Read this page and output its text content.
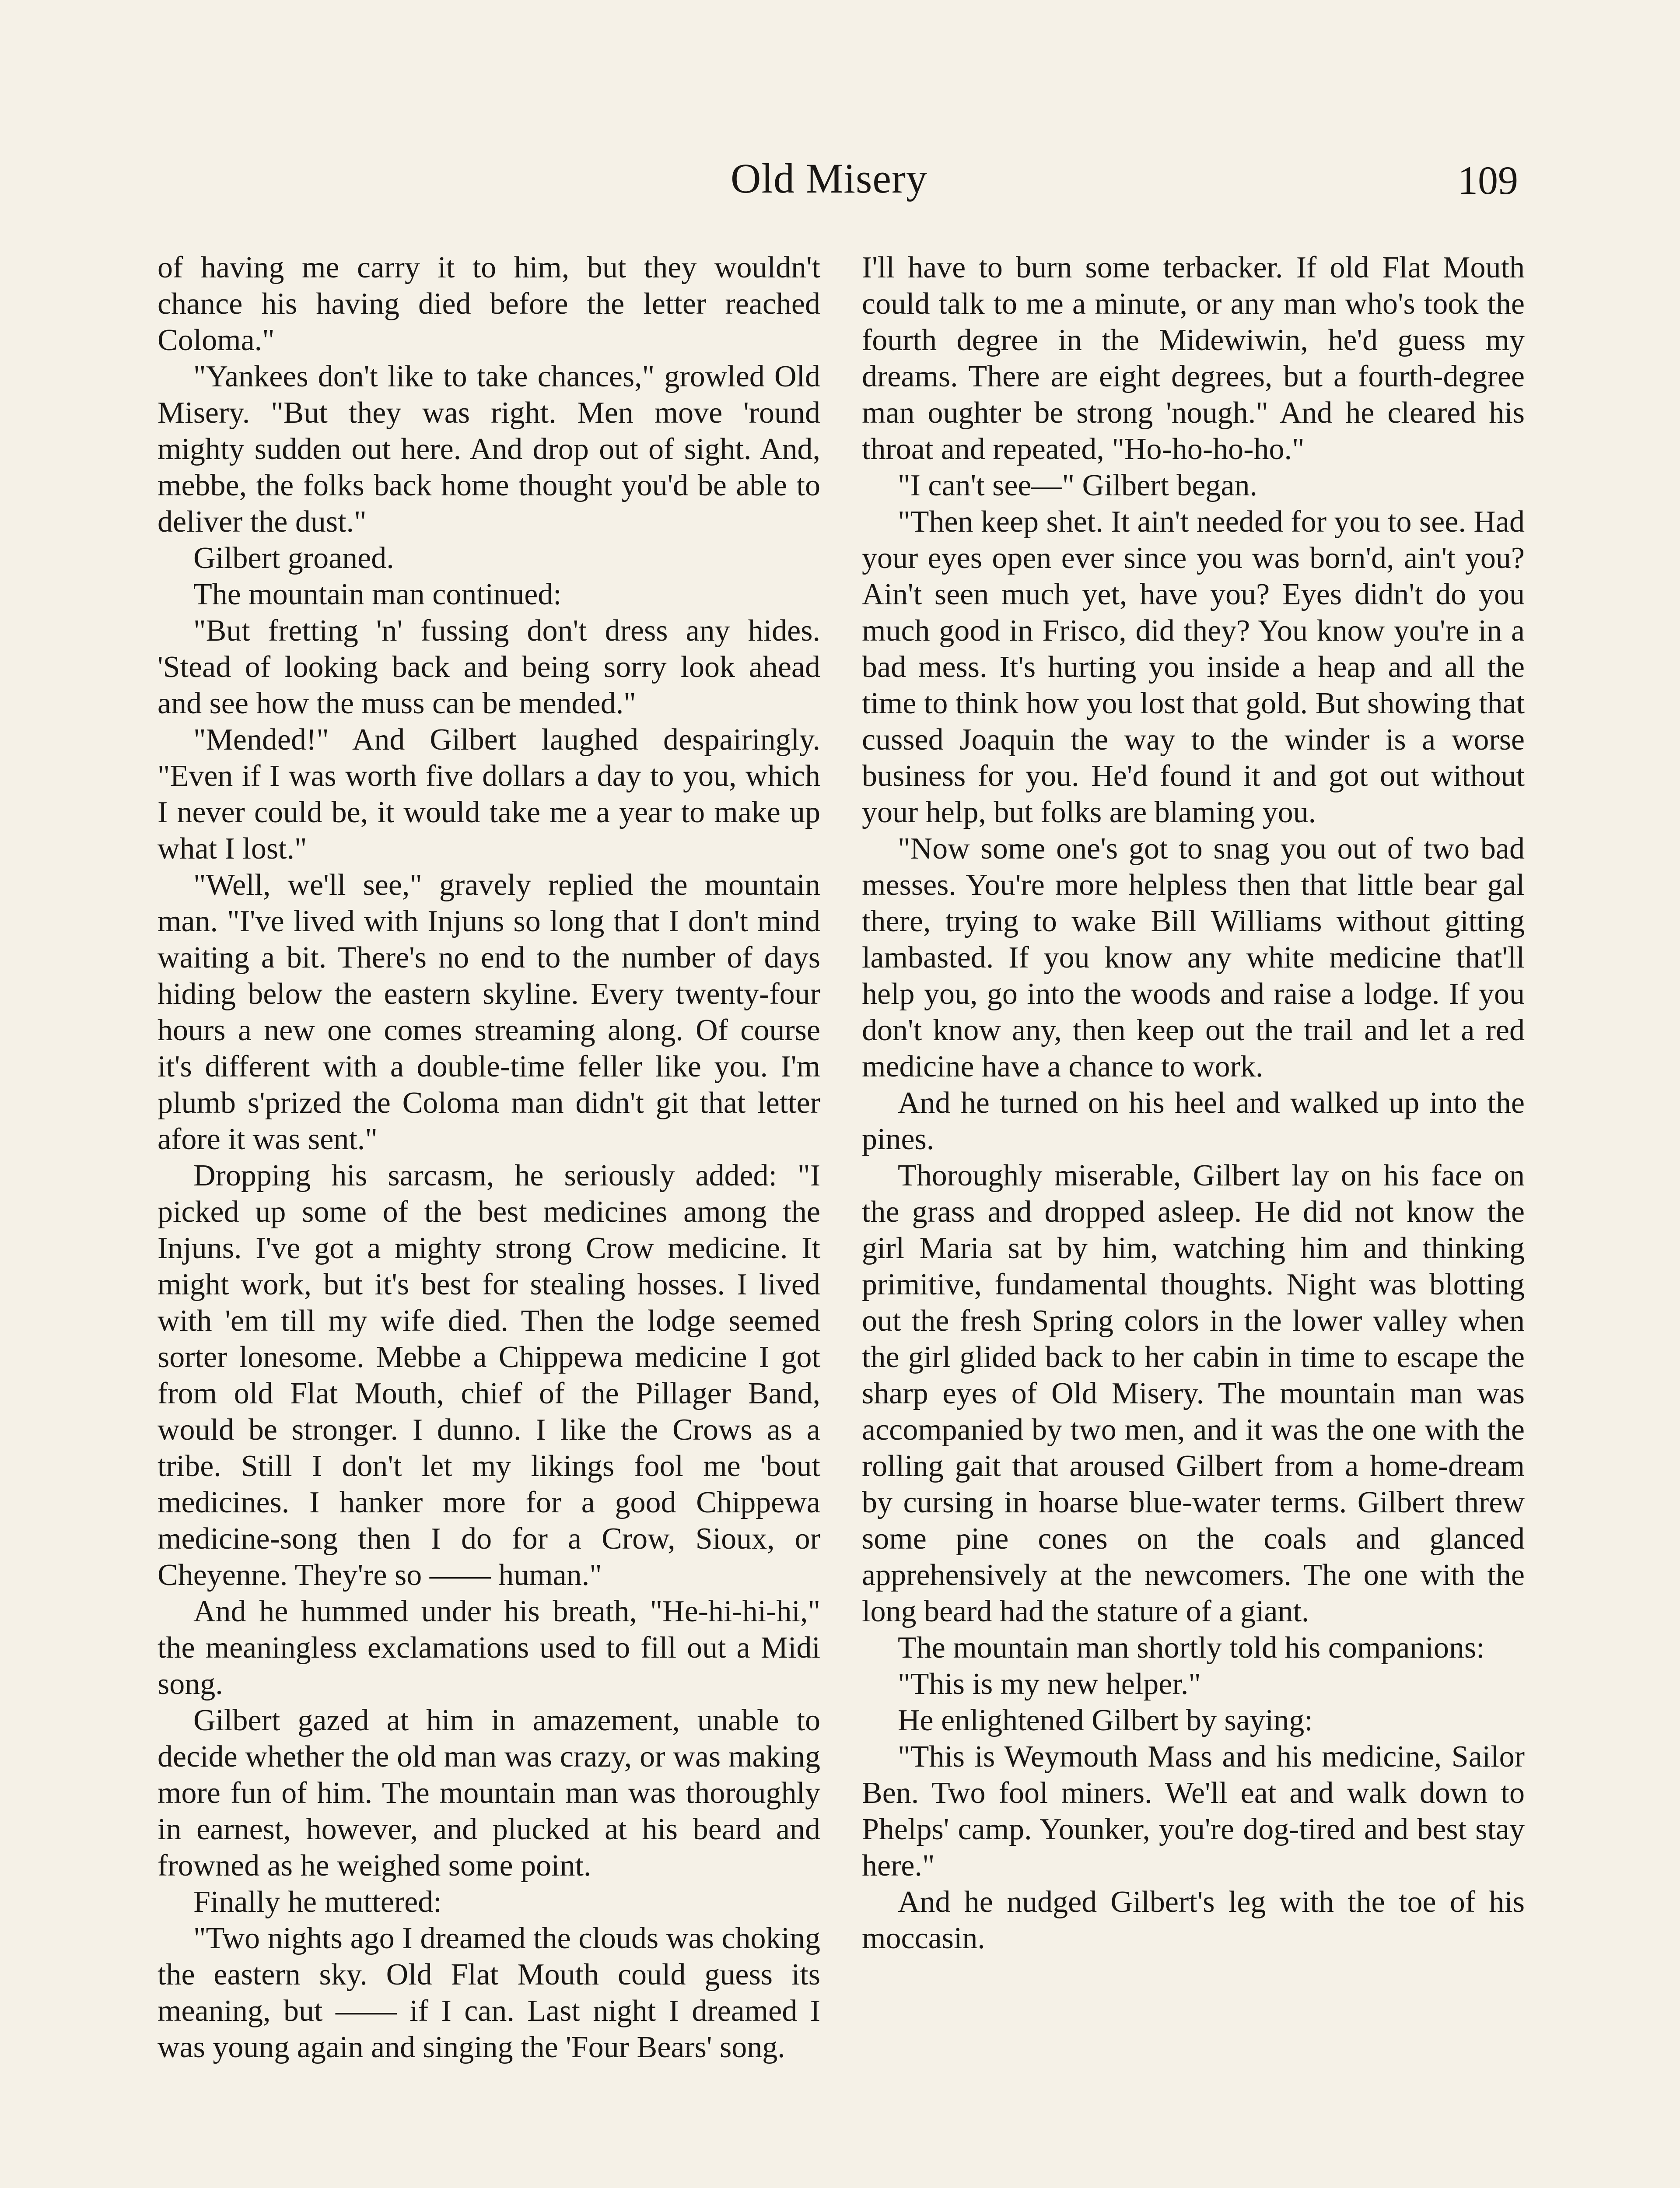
Old Misery	109

of having me carry it to him, but they wouldn't chance his having died before the letter reached Coloma."

"Yankees don't like to take chances," growled Old Misery. "But they was right. Men move 'round mighty sudden out here. And drop out of sight. And, mebbe, the folks back home thought you'd be able to deliver the dust."

Gilbert groaned.

The mountain man continued:

"But fretting 'n' fussing don't dress any hides. 'Stead of looking back and being sorry look ahead and see how the muss can be mended."

"Mended!" And Gilbert laughed despairingly. "Even if I was worth five dollars a day to you, which I never could be, it would take me a year to make up what I lost."

"Well, we'll see," gravely replied the mountain man. "I've lived with Injuns so long that I don't mind waiting a bit. There's no end to the number of days hiding below the eastern skyline. Every twenty-four hours a new one comes streaming along. Of course it's different with a double-time feller like you. I'm plumb s'prized the Coloma man didn't git that letter afore it was sent."

Dropping his sarcasm, he seriously added: "I picked up some of the best medicines among the Injuns. I've got a mighty strong Crow medicine. It might work, but it's best for stealing hosses. I lived with 'em till my wife died. Then the lodge seemed sorter lonesome. Mebbe a Chippewa medicine I got from old Flat Mouth, chief of the Pillager Band, would be stronger. I dunno. I like the Crows as a tribe. Still I don't let my likings fool me 'bout medicines. I hanker more for a good Chippewa medicine-song then I do for a Crow, Sioux, or Cheyenne. They're so —— human."

And he hummed under his breath, "He-hi-hi-hi," the meaningless exclamations used to fill out a Midi song.

Gilbert gazed at him in amazement, unable to decide whether the old man was crazy, or was making more fun of him. The mountain man was thoroughly in earnest, however, and plucked at his beard and frowned as he weighed some point.

Finally he muttered:

"Two nights ago I dreamed the clouds was choking the eastern sky. Old Flat Mouth could guess its meaning, but —— if I can. Last night I dreamed I was young again and singing the 'Four Bears' song.

I'll have to burn some terbacker. If old Flat Mouth could talk to me a minute, or any man who's took the fourth degree in the Midewiwin, he'd guess my dreams. There are eight degrees, but a fourth-degree man oughter be strong 'nough." And he cleared his throat and repeated, "Ho-ho-ho-ho."

"I can't see—" Gilbert began.

"Then keep shet. It ain't needed for you to see. Had your eyes open ever since you was born'd, ain't you? Ain't seen much yet, have you? Eyes didn't do you much good in Frisco, did they? You know you're in a bad mess. It's hurting you inside a heap and all the time to think how you lost that gold. But showing that cussed Joaquin the way to the winder is a worse business for you. He'd found it and got out without your help, but folks are blaming you.

"Now some one's got to snag you out of two bad messes. You're more helpless then that little bear gal there, trying to wake Bill Williams without gitting lambasted. If you know any white medicine that'll help you, go into the woods and raise a lodge. If you don't know any, then keep out the trail and let a red medicine have a chance to work.

And he turned on his heel and walked up into the pines.

Thoroughly miserable, Gilbert lay on his face on the grass and dropped asleep. He did not know the girl Maria sat by him, watching him and thinking primitive, fundamental thoughts. Night was blotting out the fresh Spring colors in the lower valley when the girl glided back to her cabin in time to escape the sharp eyes of Old Misery. The mountain man was accompanied by two men, and it was the one with the rolling gait that aroused Gilbert from a home-dream by cursing in hoarse blue-water terms. Gilbert threw some pine cones on the coals and glanced apprehensively at the newcomers. The one with the long beard had the stature of a giant.

The mountain man shortly told his companions:

"This is my new helper."

He enlightened Gilbert by saying:

"This is Weymouth Mass and his medicine, Sailor Ben. Two fool miners. We'll eat and walk down to Phelps' camp. Younker, you're dog-tired and best stay here."

And he nudged Gilbert's leg with the toe of his moccasin.
